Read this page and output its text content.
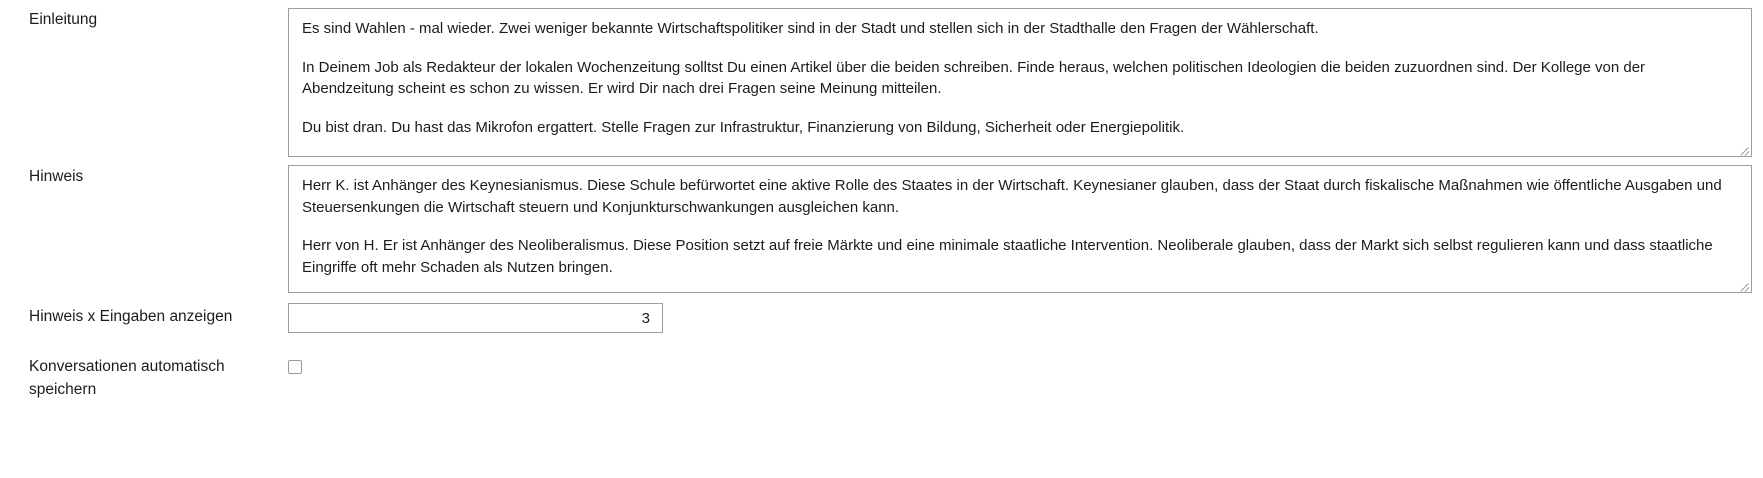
Einleitung

Es sind Wahlen - mal wieder. Zwei weniger bekannte Wirtschaftspolitiker sind in der Stadt und stellen sich in der Stadthalle den Fragen der Wählerschaft.

In Deinem Job als Redakteur der lokalen Wochenzeitung solltst Du einen Artikel über die beiden schreiben. Finde heraus, welchen politischen Ideologien die beiden zuzuordnen sind. Der Kollege von der Abendzeitung scheint es schon zu wissen. Er wird Dir nach drei Fragen seine Meinung mitteilen.

Du bist dran. Du hast das Mikrofon ergattert. Stelle Fragen zur Infrastruktur, Finanzierung von Bildung, Sicherheit oder Energiepolitik.

Hinweis

Herr K. ist Anhänger des Keynesianismus. Diese Schule befürwortet eine aktive Rolle des Staates in der Wirtschaft. Keynesianer glauben, dass der Staat durch fiskalische Maßnahmen wie öffentliche Ausgaben und Steuersenkungen die Wirtschaft steuern und Konjunkturschwankungen ausgleichen kann.

Herr von H. Er ist Anhänger des Neoliberalismus. Diese Position setzt auf freie Märkte und eine minimale staatliche Intervention. Neoliberale glauben, dass der Markt sich selbst regulieren kann und dass staatliche Eingriffe oft mehr Schaden als Nutzen bringen.

Hinweis x Eingaben anzeigen
3
Konversationen automatisch speichern
